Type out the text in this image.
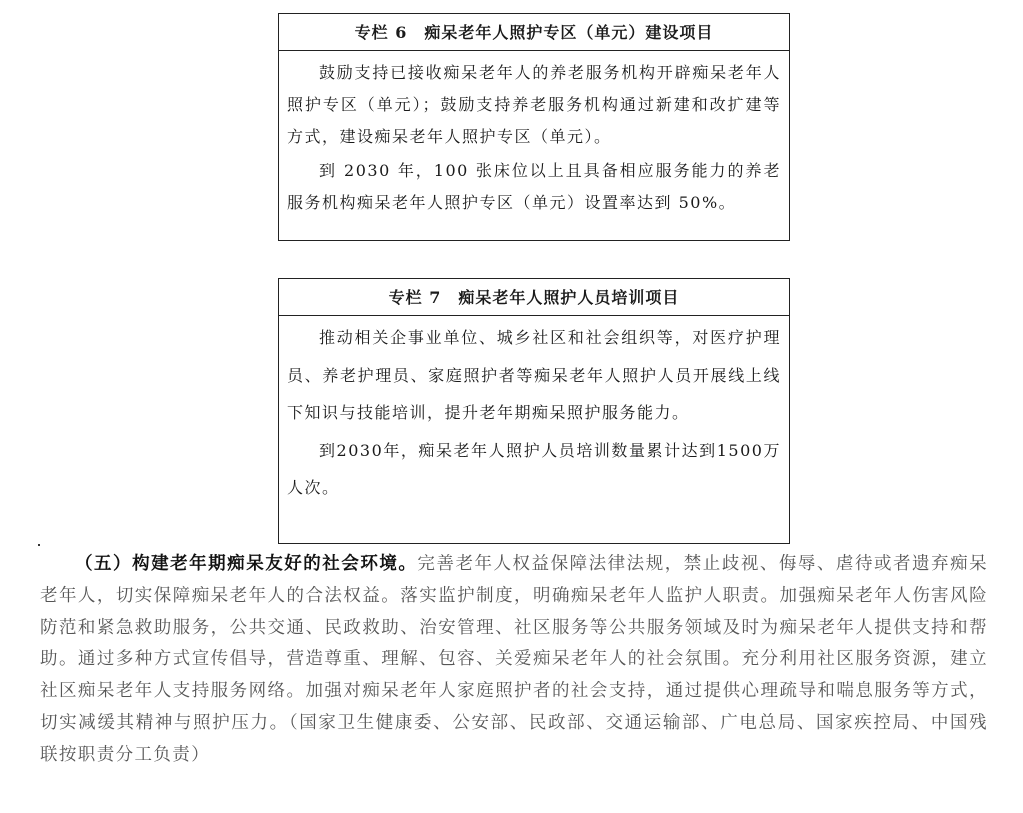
专栏 6　痴呆老年人照护专区（单元）建设项目

鼓励支持已接收痴呆老年人的养老服务机构开辟痴呆老年人照护专区（单元）；鼓励支持养老服务机构通过新建和改扩建等方式，建设痴呆老年人照护专区（单元）。

到 2030 年，100 张床位以上且具备相应服务能力的养老服务机构痴呆老年人照护专区（单元）设置率达到 50%。

专栏 7　痴呆老年人照护人员培训项目

推动相关企事业单位、城乡社区和社会组织等，对医疗护理员、养老护理员、家庭照护者等痴呆老年人照护人员开展线上线下知识与技能培训，提升老年期痴呆照护服务能力。

到2030年，痴呆老年人照护人员培训数量累计达到1500万人次。

（五）构建老年期痴呆友好的社会环境。完善老年人权益保障法律法规，禁止歧视、侮辱、虐待或者遗弃痴呆老年人，切实保障痴呆老年人的合法权益。落实监护制度，明确痴呆老年人监护人职责。加强痴呆老年人伤害风险防范和紧急救助服务，公共交通、民政救助、治安管理、社区服务等公共服务领域及时为痴呆老年人提供支持和帮助。通过多种方式宣传倡导，营造尊重、理解、包容、关爱痴呆老年人的社会氛围。充分利用社区服务资源，建立社区痴呆老年人支持服务网络。加强对痴呆老年人家庭照护者的社会支持，通过提供心理疏导和喘息服务等方式，切实减缓其精神与照护压力。（国家卫生健康委、公安部、民政部、交通运输部、广电总局、国家疾控局、中国残联按职责分工负责）
